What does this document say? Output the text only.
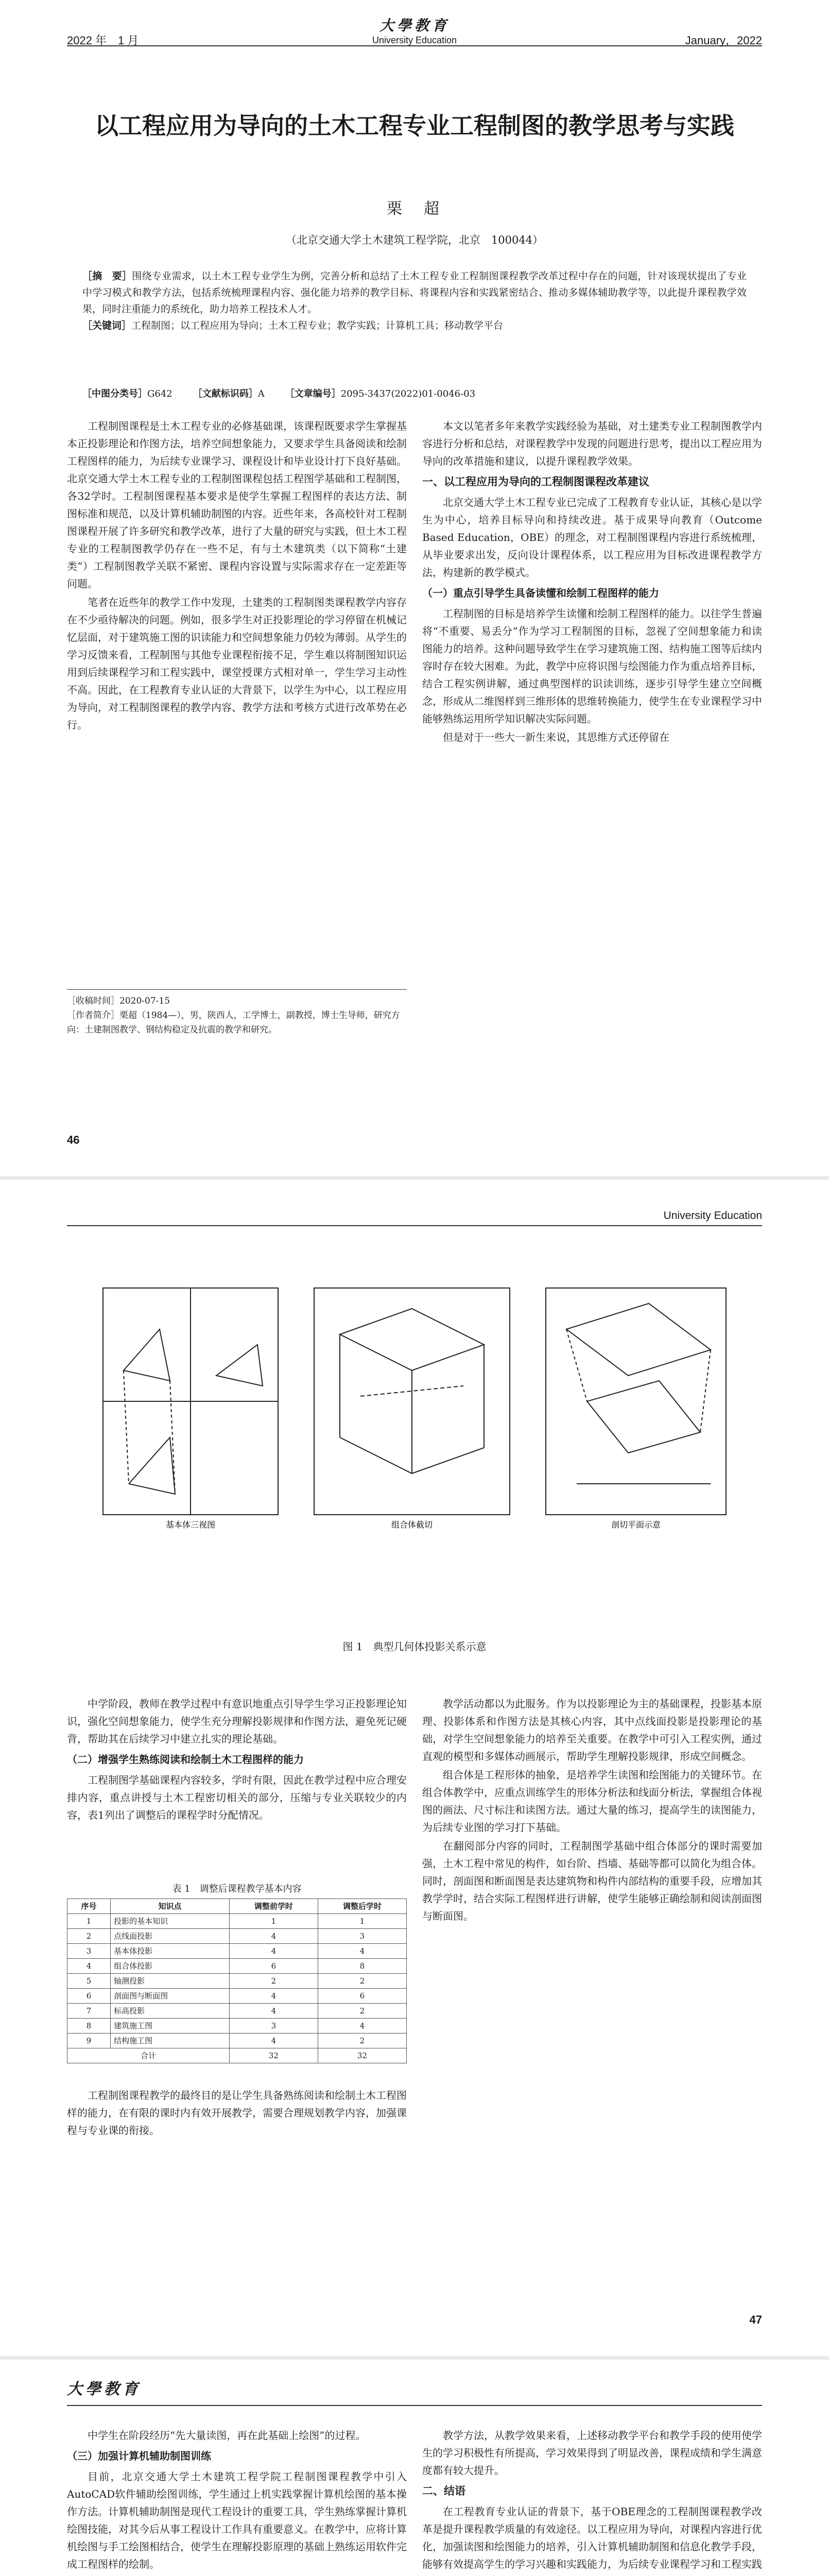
2022 年　1 月
大學教育
University Education	January，2022
以工程应用为导向的土木工程专业工程制图的教学思考与实践
栗　超
（北京交通大学土木建筑工程学院，北京　100044）
［摘　要］围绕专业需求，以土木工程专业学生为例，完善分析和总结了土木工程专业工程制图课程教学改革过程中存在的问题，针对该现状提出了专业中学习模式和教学方法，包括系统梳理课程内容、强化能力培养的教学目标、将课程内容和实践紧密结合、推动多媒体辅助教学等，以此提升课程教学效果，同时注重能力的系统化，助力培养工程技术人才。
［关键词］工程制图；以工程应用为导向；土木工程专业；教学实践；计算机工具；移动教学平台
［中图分类号］G642 ［文献标识码］A ［文章编号］2095-3437(2022)01-0046-03

工程制图课程是土木工程专业的必修基础课，该课程既要求学生掌握基本正投影理论和作图方法，培养空间想象能力，又要求学生具备阅读和绘制工程图样的能力，为后续专业课学习、课程设计和毕业设计打下良好基础。北京交通大学土木工程专业的工程制图课程包括工程图学基础和工程制图，各32学时。工程制图课程基本要求是使学生掌握工程图样的表达方法、制图标准和规范，以及计算机辅助制图的内容。近些年来，各高校针对工程制图课程开展了许多研究和教学改革，进行了大量的研究与实践，但土木工程专业的工程制图教学仍存在一些不足，有与土木建筑类（以下简称“土建类”）工程制图教学关联不紧密、课程内容设置与实际需求存在一定差距等问题。

笔者在近些年的教学工作中发现，土建类的工程制图类课程教学内容存在不少亟待解决的问题。例如，很多学生对正投影理论的学习停留在机械记忆层面，对于建筑施工图的识读能力和空间想象能力仍较为薄弱。从学生的学习反馈来看，工程制图与其他专业课程衔接不足，学生难以将制图知识运用到后续课程学习和工程实践中，课堂授课方式相对单一，学生学习主动性不高。因此，在工程教育专业认证的大背景下，以学生为中心，以工程应用为导向，对工程制图课程的教学内容、教学方法和考核方式进行改革势在必行。

本文以笔者多年来教学实践经验为基础，对土建类专业工程制图教学内容进行分析和总结，对课程教学中发现的问题进行思考，提出以工程应用为导向的改革措施和建议，以提升课程教学效果。

一、以工程应用为导向的工程制图课程改革建议

北京交通大学土木工程专业已完成了工程教育专业认证，其核心是以学生为中心，培养目标导向和持续改进。基于成果导向教育（Outcome Based Education，OBE）的理念，对工程制图课程内容进行系统梳理，从毕业要求出发，反向设计课程体系，以工程应用为目标改进课程教学方法，构建新的教学模式。

（一）重点引导学生具备读懂和绘制工程图样的能力

工程制图的目标是培养学生读懂和绘制工程图样的能力。以往学生普遍将“不重要、易丢分”作为学习工程制图的目标，忽视了空间想象能力和读图能力的培养。这种问题导致学生在学习建筑施工图、结构施工图等后续内容时存在较大困难。为此，教学中应将识图与绘图能力作为重点培养目标，结合工程实例讲解，通过典型图样的识读训练，逐步引导学生建立空间概念，形成从二维图样到三维形体的思维转换能力，使学生在专业课程学习中能够熟练运用所学知识解决实际问题。

但是对于一些大一新生来说，其思维方式还停留在

［收稿时间］2020-07-15
［作者简介］栗超（1984—），男，陕西人，工学博士，副教授，博士生导师，研究方向：土建制图教学、钢结构稳定及抗震的教学和研究。
46
University Education
基本体三视图	组合体截切	剖切平面示意
图 1　典型几何体投影关系示意

中学阶段，教师在教学过程中有意识地重点引导学生学习正投影理论知识，强化空间想象能力，使学生充分理解投影规律和作图方法，避免死记硬背，帮助其在后续学习中建立扎实的理论基础。

（二）增强学生熟练阅读和绘制土木工程图样的能力

工程制图学基础课程内容较多，学时有限，因此在教学过程中应合理安排内容，重点讲授与土木工程密切相关的部分，压缩与专业关联较少的内容，表1列出了调整后的课程学时分配情况。

表 1　调整后课程教学基本内容
序号	知识点	调整前学时	调整后学时
1	投影的基本知识	1	1
2	点线面投影	4	3
3	基本体投影	4	4
4	组合体投影	6	8
5	轴测投影	2	2
6	剖面图与断面图	4	6
7	标高投影	4	2
8	建筑施工图	3	4
9	结构施工图	4	2
合计		32	32

工程制图课程教学的最终目的是让学生具备熟练阅读和绘制土木工程图样的能力，在有限的课时内有效开展教学，需要合理规划教学内容，加强课程与专业课的衔接。

教学活动都以为此服务。作为以投影理论为主的基础课程，投影基本原理、投影体系和作图方法是其核心内容，其中点线面投影是投影理论的基础，对学生空间想象能力的培养至关重要。在教学中可引入工程实例，通过直观的模型和多媒体动画展示，帮助学生理解投影规律，形成空间概念。

组合体是工程形体的抽象，是培养学生读图和绘图能力的关键环节。在组合体教学中，应重点训练学生的形体分析法和线面分析法，掌握组合体视图的画法、尺寸标注和读图方法。通过大量的练习，提高学生的读图能力，为后续专业图的学习打下基础。

在翻阅部分内容的同时，工程制图学基础中组合体部分的课时需要加强，土木工程中常见的构件，如台阶、挡墙、基础等都可以简化为组合体。同时，剖面图和断面图是表达建筑物和构件内部结构的重要手段，应增加其教学学时，结合实际工程图样进行讲解，使学生能够正确绘制和阅读剖面图与断面图。

47
大學教育

中学生在阶段经历“先大量读图，再在此基础上绘图”的过程。

（三）加强计算机辅助制图训练

目前，北京交通大学土木建筑工程学院工程制图课程教学中引入AutoCAD软件辅助绘图训练，学生通过上机实践掌握计算机绘图的基本操作方法。计算机辅助制图是现代工程设计的重要工具，学生熟练掌握计算机绘图技能，对其今后从事工程设计工作具有重要意义。在教学中，应将计算机绘图与手工绘图相结合，使学生在理解投影原理的基础上熟练运用软件完成工程图样的绘制。

教学方法，从教学效果来看，上述移动教学平台和教学手段的使用使学生的学习积极性有所提高，学习效果得到了明显改善，课程成绩和学生满意度都有较大提升。

二、结语

在工程教育专业认证的背景下，基于OBE理念的工程制图课程教学改革是提升课程教学质量的有效途径。以工程应用为导向，对课程内容进行优化，加强读图和绘图能力的培养，引入计算机辅助制图和信息化教学手段，能够有效提高学生的学习兴趣和实践能力，为后续专业课程学习和工程实践
